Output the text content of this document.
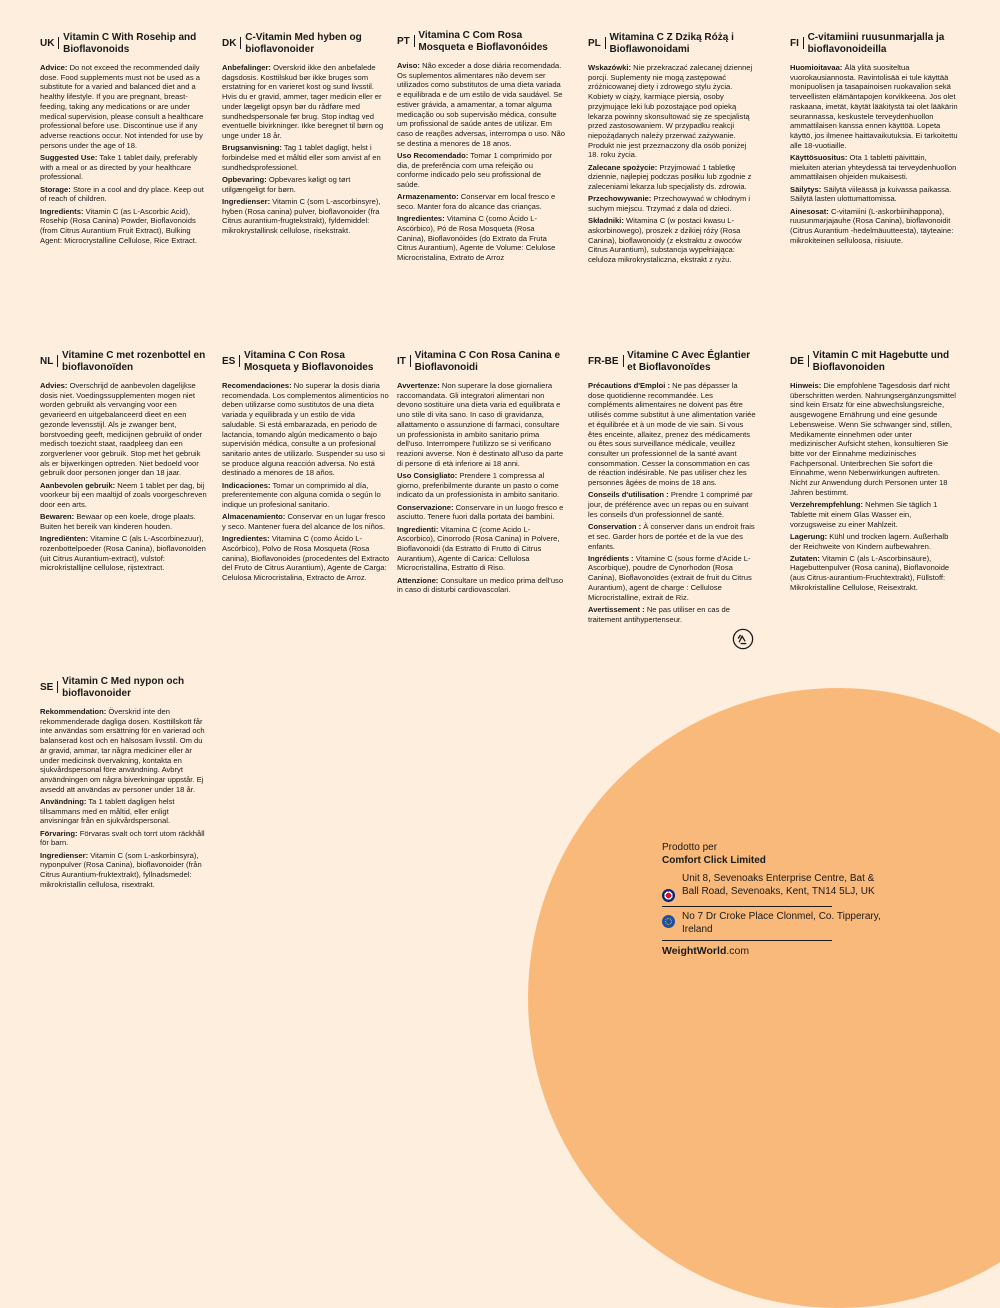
UK
Vitamin C With Rosehip and Bioflavonoids

Advice: Do not exceed the recommended daily dose. Food supplements must not be used as a substitute for a varied and balanced diet and a healthy lifestyle. If you are pregnant, breast-feeding, taking any medications or are under medical supervision, please consult a healthcare professional before use. Discontinue use if any adverse reactions occur. Not intended for use by persons under the age of 18.

Suggested Use: Take 1 tablet daily, preferably with a meal or as directed by your healthcare professional.

Storage: Store in a cool and dry place. Keep out of reach of children.

Ingredients: Vitamin C (as L-Ascorbic Acid), Rosehip (Rosa Canina) Powder, Bioflavonoids (from Citrus Aurantium Fruit Extract), Bulking Agent: Microcrystalline Cellulose, Rice Extract.

DK
C-Vitamin Med hyben og bioflavonoider

Anbefalinger: Overskrid ikke den anbefalede dagsdosis. Kosttilskud bør ikke bruges som erstatning for en varieret kost og sund livsstil. Hvis du er gravid, ammer, tager medicin eller er under lægeligt opsyn bør du rådføre med sundhedspersonale før brug. Stop indtag ved eventuelle bivirkninger. Ikke beregnet til børn og unge under 18 år.

Brugsanvisning: Tag 1 tablet dagligt, helst i forbindelse med et måltid eller som anvist af en sundhedsprofessionel.

Opbevaring: Opbevares køligt og tørt utilgængeligt for børn.

Ingredienser: Vitamin C (som L-ascorbinsyre), hyben (Rosa canina) pulver, bioflavonoider (fra Citrus aurantium-frugtekstrakt), fyldemiddel: mikrokrystallinsk cellulose, risekstrakt.

PT
Vitamina C Com Rosa Mosqueta e Bioflavonóides

Aviso: Não exceder a dose diária recomendada. Os suplementos alimentares não devem ser utilizados como substitutos de uma dieta variada e equilibrada e de um estilo de vida saudável. Se estiver grávida, a amamentar, a tomar alguma medicação ou sob supervisão médica, consulte um profissional de saúde antes de utilizar. Em caso de reações adversas, interrompa o uso. Não se destina a menores de 18 anos.

Uso Recomendado: Tomar 1 comprimido por dia, de preferência com uma refeição ou conforme indicado pelo seu profissional de saúde.

Armazenamento: Conservar em local fresco e seco. Manter fora do alcance das crianças.

Ingredientes: Vitamina C (como Ácido L-Ascórbico), Pó de Rosa Mosqueta (Rosa Canina), Bioflavonóides (do Extrato da Fruta Citrus Aurantium), Agente de Volume: Celulose Microcristalina, Extrato de Arroz

PL
Witamina C Z Dziką Różą i Bioflawonoidami

Wskazówki: Nie przekraczać zalecanej dziennej porcji. Suplementy nie mogą zastępować zróżnicowanej diety i zdrowego stylu życia. Kobiety w ciąży, karmiące piersią, osoby przyjmujące leki lub pozostające pod opieką lekarza powinny skonsultować się ze specjalistą przed zastosowaniem. W przypadku reakcji niepożądanych należy przerwać zażywanie. Produkt nie jest przeznaczony dla osób poniżej 18. roku życia.

Zalecane spożycie: Przyjmować 1 tabletkę dziennie, najlepiej podczas posiłku lub zgodnie z zaleceniami lekarza lub specjalisty ds. zdrowia.

Przechowywanie: Przechowywać w chłodnym i suchym miejscu. Trzymać z dala od dzieci.

Składniki: Witamina C (w postaci kwasu L-askorbinowego), proszek z dzikiej róży (Rosa Canina), bioflawonoidy (z ekstraktu z owoców Citrus Aurantium), substancja wypełniająca: celuloza mikrokrystaliczna, ekstrakt z ryżu.

FI
C-vitamiini ruusunmarjalla ja bioflavonoideilla

Huomioitavaa: Älä ylitä suositeltua vuorokausiannosta. Ravintolisää ei tule käyttää monipuolisen ja tasapainoisen ruokavalion sekä terveellisten elämäntapojen korvikkeena. Jos olet raskaana, imetät, käytät lääkitystä tai olet lääkärin seurannassa, keskustele terveydenhuollon ammattilaisen kanssa ennen käyttöä. Lopeta käyttö, jos ilmenee haittavaikutuksia. Ei tarkoitettu alle 18-vuotiaille.

Käyttösuositus: Ota 1 tabletti päivittäin, mieluiten aterian yhteydessä tai terveydenhuollon ammattilaisen ohjeiden mukaisesti.

Säilytys: Säilytä viileässä ja kuivassa paikassa. Säilytä lasten ulottumattomissa.

Ainesosat: C-vitamiini (L-askorbiinihappona), ruusunmarjajauhe (Rosa Canina), bioflavonoidit (Citrus Aurantium -hedelmäuutteesta), täyteaine: mikrokiteinen selluloosa, riisiuute.

NL
Vitamine C met rozenbottel en bioflavonoïden

Advies: Overschrijd de aanbevolen dagelijkse dosis niet. Voedingssupplementen mogen niet worden gebruikt als vervanging voor een gevarieerd en uitgebalanceerd dieet en een gezonde levensstijl. Als je zwanger bent, borstvoeding geeft, medicijnen gebruikt of onder medisch toezicht staat, raadpleeg dan een zorgverlener voor gebruik. Stop met het gebruik als er bijwerkingen optreden. Niet bedoeld voor gebruik door personen jonger dan 18 jaar.

Aanbevolen gebruik: Neem 1 tablet per dag, bij voorkeur bij een maaltijd of zoals voorgeschreven door een arts.

Bewaren: Bewaar op een koele, droge plaats. Buiten het bereik van kinderen houden.

Ingrediënten: Vitamine C (als L-Ascorbinezuur), rozenbottelpoeder (Rosa Canina), bioflavonoïden (uit Citrus Aurantium-extract), vulstof: microkristallijne cellulose, rijstextract.

ES
Vitamina C Con Rosa Mosqueta y Bioflavonoides

Recomendaciones: No superar la dosis diaria recomendada. Los complementos alimenticios no deben utilizarse como sustitutos de una dieta variada y equilibrada y un estilo de vida saludable. Si está embarazada, en periodo de lactancia, tomando algún medicamento o bajo supervisión médica, consulte a un profesional sanitario antes de utilizarlo. Suspender su uso si se produce alguna reacción adversa. No está destinado a menores de 18 años.

Indicaciones: Tomar un comprimido al día, preferentemente con alguna comida o según lo indique un profesional sanitario.

Almacenamiento: Conservar en un lugar fresco y seco. Mantener fuera del alcance de los niños.

Ingredientes: Vitamina C (como Ácido L-Ascórbico), Polvo de Rosa Mosqueta (Rosa canina), Bioflavonoides (procedentes del Extracto del Fruto de Citrus Aurantium), Agente de Carga: Celulosa Microcristalina, Extracto de Arroz.

IT
Vitamina C Con Rosa Canina e Bioflavonoidi

Avvertenze: Non superare la dose giornaliera raccomandata. Gli integratori alimentari non devono sostituire una dieta varia ed equilibrata e uno stile di vita sano. In caso di gravidanza, allattamento o assunzione di farmaci, consultare un professionista in ambito sanitario prima dell'uso. Interrompere l'utilizzo se si verificano reazioni avverse. Non è destinato all'uso da parte di persone di età inferiore ai 18 anni.

Uso Consigliato: Prendere 1 compressa al giorno, preferibilmente durante un pasto o come indicato da un professionista in ambito sanitario.

Conservazione: Conservare in un luogo fresco e asciutto. Tenere fuori dalla portata dei bambini.

Ingredienti: Vitamina C (come Acido L-Ascorbico), Cinorrodo (Rosa Canina) in Polvere, Bioflavonoidi (da Estratto di Frutto di Citrus Aurantium), Agente di Carica: Cellulosa Microcristallina, Estratto di Riso.

Attenzione: Consultare un medico prima dell'uso in caso di disturbi cardiovascolari.

FR-BE
Vitamine C Avec Églantier et Bioflavonoïdes

Précautions d'Emploi : Ne pas dépasser la dose quotidienne recommandée. Les compléments alimentaires ne doivent pas être utilisés comme substitut à une alimentation variée et équilibrée et à un mode de vie sain. Si vous êtes enceinte, allaitez, prenez des médicaments ou êtes sous surveillance médicale, veuillez consulter un professionnel de la santé avant consommation. Cesser la consommation en cas de réaction indésirable. Ne pas utiliser chez les personnes âgées de moins de 18 ans.

Conseils d'utilisation : Prendre 1 comprimé par jour, de préférence avec un repas ou en suivant les conseils d'un professionnel de santé.

Conservation : À conserver dans un endroit frais et sec. Garder hors de portée et de la vue des enfants.

Ingrédients : Vitamine C (sous forme d'Acide L-Ascorbique), poudre de Cynorhodon (Rosa Canina), Bioflavonoïdes (extrait de fruit du Citrus Aurantium), agent de charge : Cellulose Microcristalline, extrait de Riz.

Avertissement : Ne pas utiliser en cas de traitement antihypertenseur.

DE
Vitamin C mit Hagebutte und Bioflavonoiden

Hinweis: Die empfohlene Tagesdosis darf nicht überschritten werden. Nahrungsergänzungsmittel sind kein Ersatz für eine abwechslungsreiche, ausgewogene Ernährung und eine gesunde Lebensweise. Wenn Sie schwanger sind, stillen, Medikamente einnehmen oder unter medizinischer Aufsicht stehen, konsultieren Sie bitte vor der Einnahme medizinisches Fachpersonal. Unterbrechen Sie sofort die Einnahme, wenn Nebenwirkungen auftreten. Nicht zur Anwendung durch Personen unter 18 Jahren bestimmt.

Verzehrempfehlung: Nehmen Sie täglich 1 Tablette mit einem Glas Wasser ein, vorzugsweise zu einer Mahlzeit.

Lagerung: Kühl und trocken lagern. Außerhalb der Reichweite von Kindern aufbewahren.

Zutaten: Vitamin C (als L-Ascorbinsäure), Hagebuttenpulver (Rosa canina), Bioflavonoide (aus Citrus-aurantium-Fruchtextrakt), Füllstoff: Mikrokristalline Cellulose, Reisextrakt.

SE
Vitamin C Med nypon och bioflavonoider

Rekommendation: Överskrid inte den rekommenderade dagliga dosen. Kosttillskott får inte användas som ersättning för en varierad och balanserad kost och en hälsosam livsstil. Om du är gravid, ammar, tar några mediciner eller är under medicinsk övervakning, kontakta en sjukvårdspersonal före användning. Avbryt användningen om några biverkningar uppstår. Ej avsedd att användas av personer under 18 år.

Användning: Ta 1 tablett dagligen helst tillsammans med en måltid, eller enligt anvisningar från en sjukvårdspersonal.

Förvaring: Förvaras svalt och torrt utom räckhåll för barn.

Ingredienser: Vitamin C (som L-askorbinsyra), nyponpulver (Rosa Canina), bioflavonoider (från Citrus Aurantium-fruktextrakt), fyllnadsmedel: mikrokristallin cellulosa, risextrakt.

Prodotto per

Comfort Click Limited

Unit 8, Sevenoaks Enterprise Centre, Bat & Ball Road, Sevenoaks, Kent, TN14 5LJ, UK
No 7 Dr Croke Place Clonmel, Co. Tipperary, Ireland
WeightWorld.com
